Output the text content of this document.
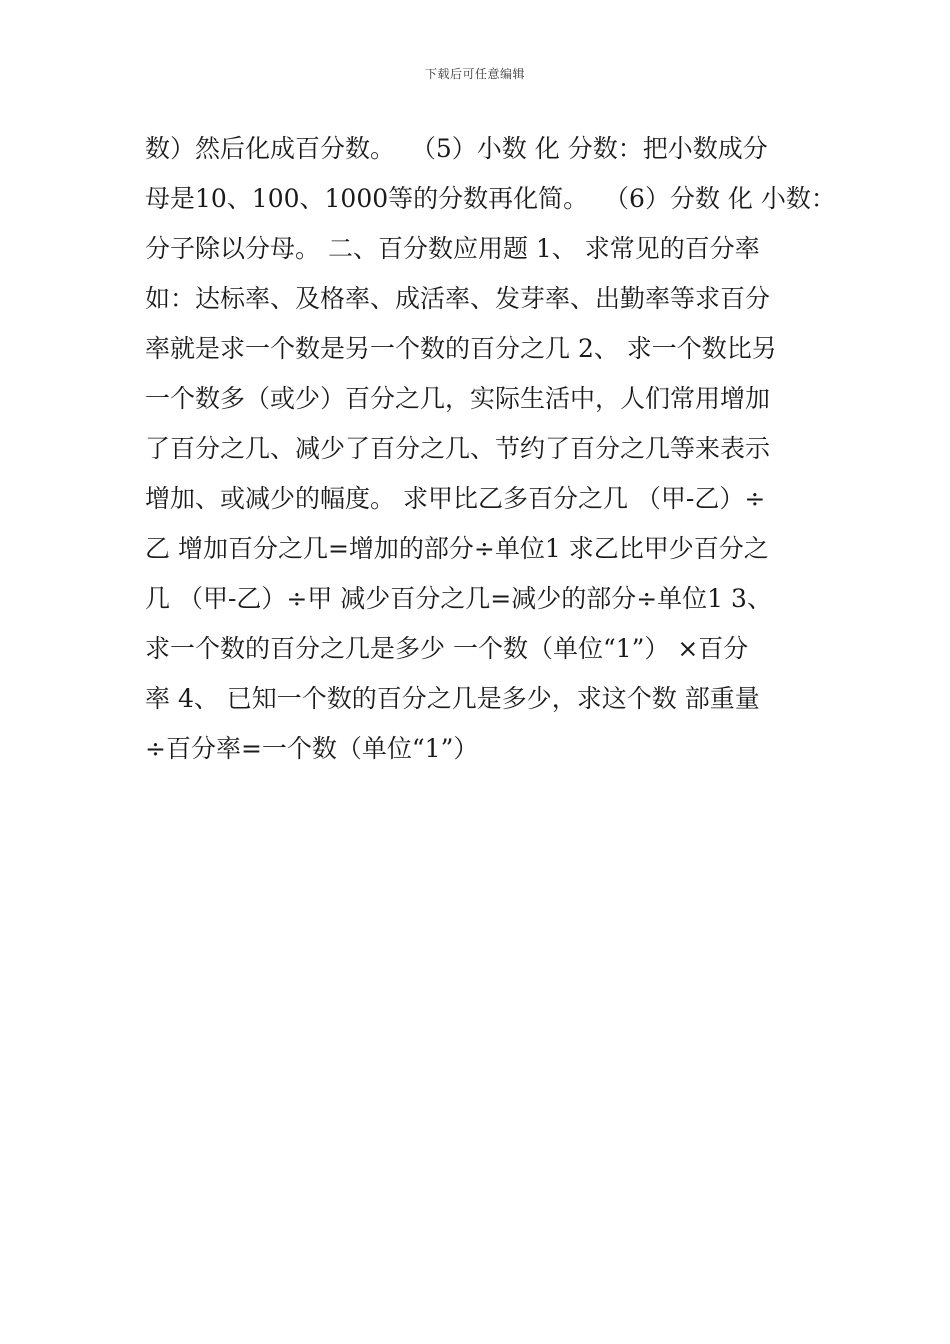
下载后可任意编辑
数）然后化成百分数。  （5）小数 化 分数：把小数成分
母是10、100、1000等的分数再化简。  （6）分数 化 小数：
分子除以分母。 二、百分数应用题 1、 求常见的百分率
如：达标率、及格率、成活率、发芽率、出勤率等求百分
率就是求一个数是另一个数的百分之几 2、 求一个数比另
一个数多（或少）百分之几，实际生活中，人们常用增加
了百分之几、减少了百分之几、节约了百分之几等来表示
增加、或减少的幅度。 求甲比乙多百分之几 （甲-乙）÷
乙 增加百分之几=增加的部分÷单位1 求乙比甲少百分之
几 （甲-乙）÷甲 减少百分之几=减少的部分÷单位1 3、
求一个数的百分之几是多少 一个数（单位“1”） ×百分
率 4、 已知一个数的百分之几是多少，求这个数 部重量
÷百分率=一个数（单位“1”）
